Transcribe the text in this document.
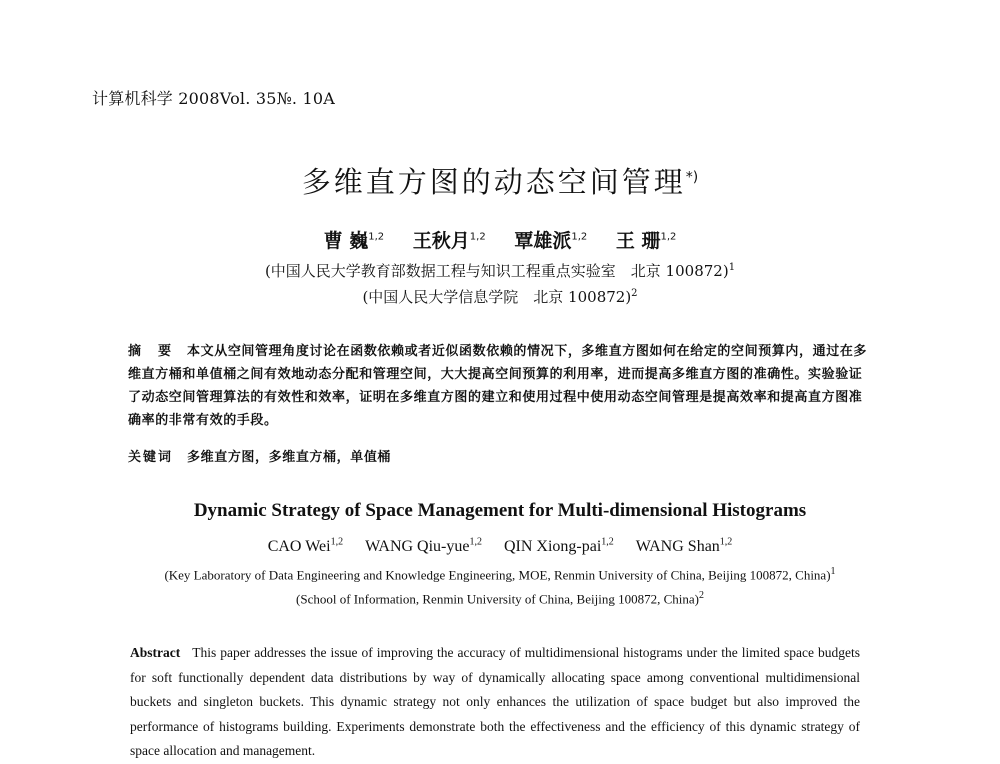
计算机科学 2008Vol. 35№. 10A
多维直方图的动态空间管理*)
曹 巍$^{1,2}$ 王秋月$^{1,2}$ 覃雄派$^{1,2}$ 王 珊$^{1,2}$
(中国人民大学教育部数据工程与知识工程重点实验室　北京 100872)$^1$
(中国人民大学信息学院　北京 100872)$^2$
摘　要 本文从空间管理角度讨论在函数依赖或者近似函数依赖的情况下，多维直方图如何在给定的空间预算内，通过在多维直方桶和单值桶之间有效地动态分配和管理空间，大大提高空间预算的利用率，进而提高多维直方图的准确性。实验验证了动态空间管理算法的有效性和效率，证明在多维直方图的建立和使用过程中使用动态空间管理是提高效率和提高直方图准确率的非常有效的手段。
关键词 多维直方图，多维直方桶，单值桶
Dynamic Strategy of Space Management for Multi-dimensional Histograms
CAO Wei$^{1,2}$ WANG Qiu-yue$^{1,2}$ QIN Xiong-pai$^{1,2}$ WANG Shan$^{1,2}$
(Key Laboratory of Data Engineering and Knowledge Engineering, MOE, Renmin University of China, Beijing 100872, China)$^1$
(School of Information, Renmin University of China, Beijing 100872, China)$^2$
Abstract This paper addresses the issue of improving the accuracy of multidimensional histograms under the limited space budgets for soft functionally dependent data distributions by way of dynamically allocating space among conventional multidimensional buckets and singleton buckets. This dynamic strategy not only enhances the utilization of space budget but also improved the performance of histograms building. Experiments demonstrate both the effectiveness and the efficiency of this dynamic strategy of space allocation and management.
